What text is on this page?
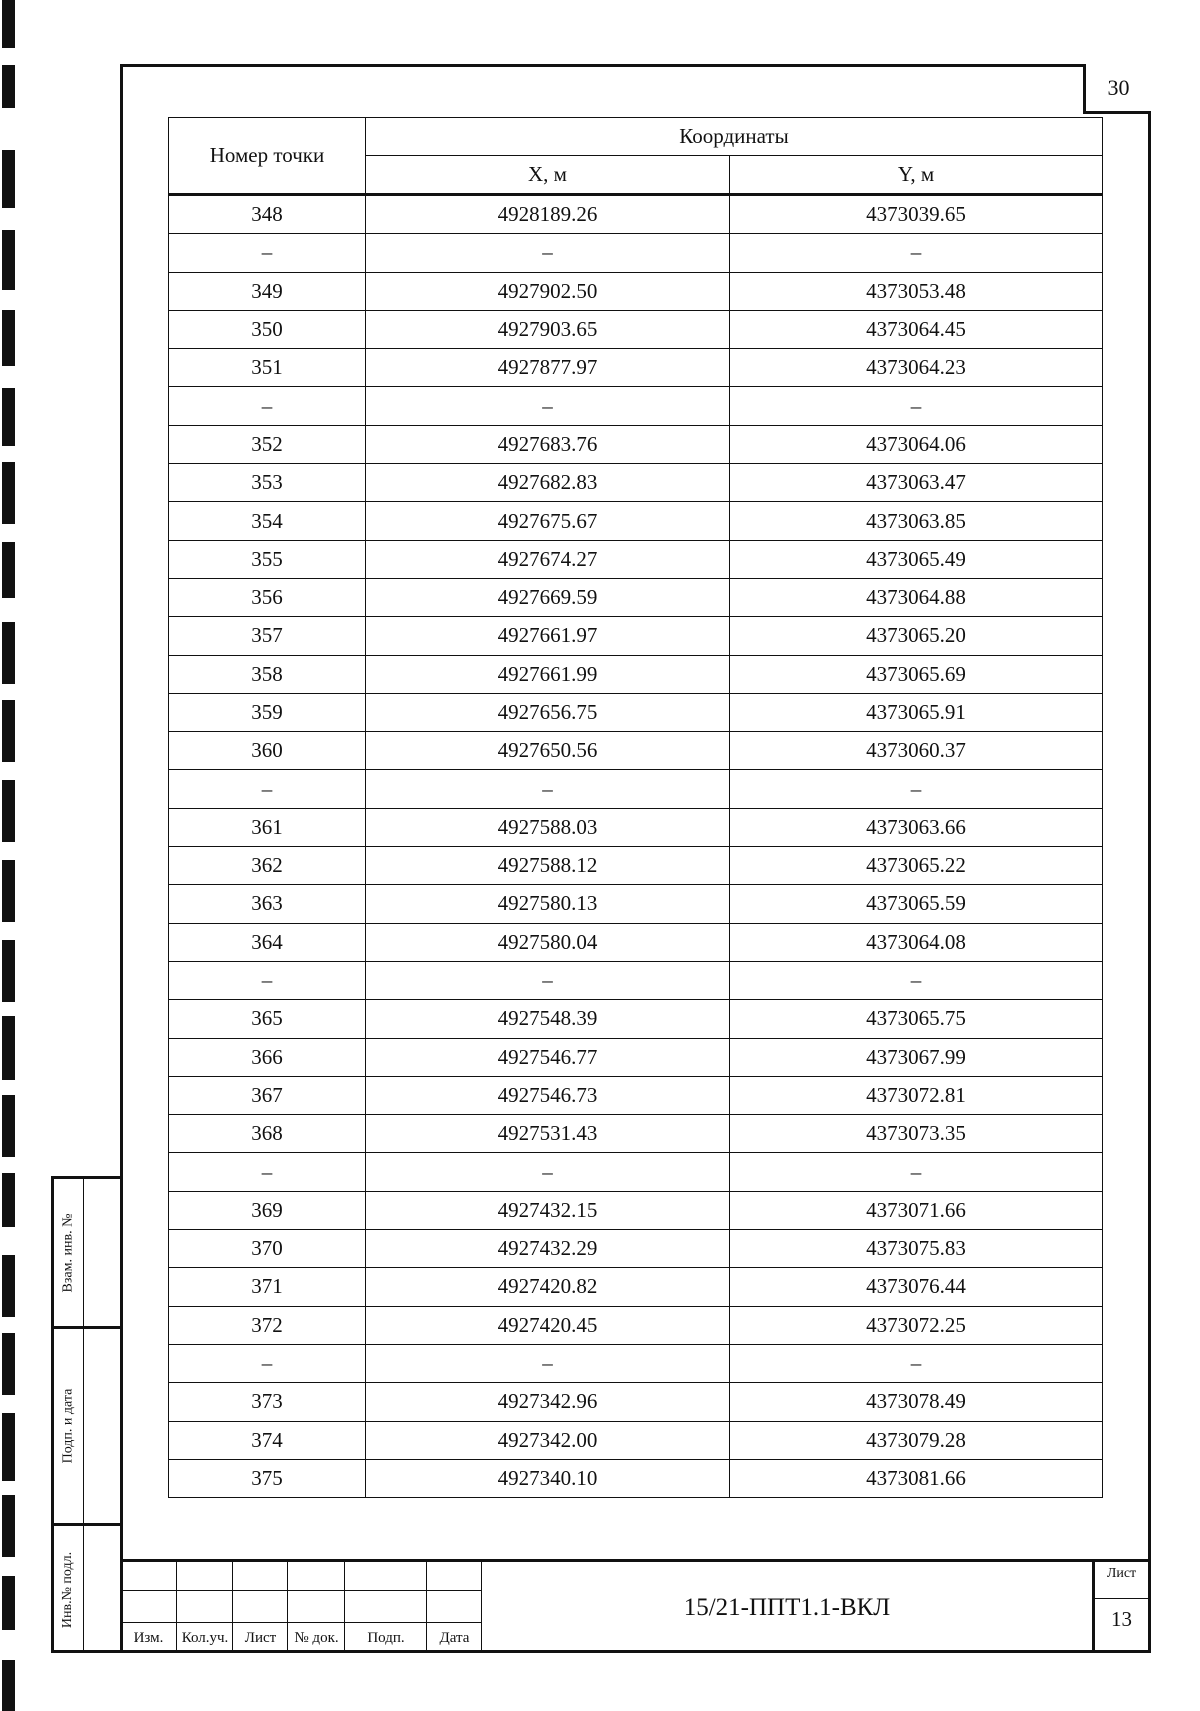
30
Номер точки	Координаты	
	X, м	Y, м
348	4928189.26	4373039.65
–	–	–
349	4927902.50	4373053.48
350	4927903.65	4373064.45
351	4927877.97	4373064.23
–	–	–
352	4927683.76	4373064.06
353	4927682.83	4373063.47
354	4927675.67	4373063.85
355	4927674.27	4373065.49
356	4927669.59	4373064.88
357	4927661.97	4373065.20
358	4927661.99	4373065.69
359	4927656.75	4373065.91
360	4927650.56	4373060.37
–	–	–
361	4927588.03	4373063.66
362	4927588.12	4373065.22
363	4927580.13	4373065.59
364	4927580.04	4373064.08
–	–	–
365	4927548.39	4373065.75
366	4927546.77	4373067.99
367	4927546.73	4373072.81
368	4927531.43	4373073.35
–	–	–
369	4927432.15	4373071.66
370	4927432.29	4373075.83
371	4927420.82	4373076.44
372	4927420.45	4373072.25
–	–	–
373	4927342.96	4373078.49
374	4927342.00	4373079.28
375	4927340.10	4373081.66
Взам. инв. №
Подп. и дата
Инв.№ подл.
Изм.	Кол.уч.	Лист	№ док.	Подп.	Дата
15/21-ППТ1.1-ВКЛ
Лист
13
